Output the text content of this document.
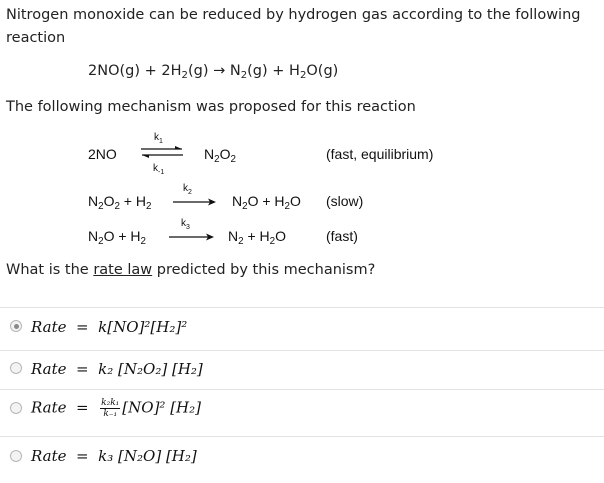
Nitrogen monoxide can be reduced by hydrogen gas according to the following reaction
$2NO(g) + 2H_2(g) \to N_2(g) + H_2O(g)$
The following mechanism was proposed for this reaction
2NO
$k_1$
$k_{-1}$
$N_2O_2$	(fast, equilibrium)
$N_2O_2 + H_2$
$k_2$
$N_2O + H_2O$ (slow)
$N_2O + H_2$
$k_3$
$N_2 + H_2O$	(fast)
What is the rate law predicted by this mechanism?
Rate = k[NO]²[H₂]²
Rate = k₂ [N₂O₂] [H₂]
Rate = $\frac{\text{k₂k₁}}{\text{k₋₁}} [NO]^2$ [H₂]
Rate = k₃ [N₂O] [H₂]
